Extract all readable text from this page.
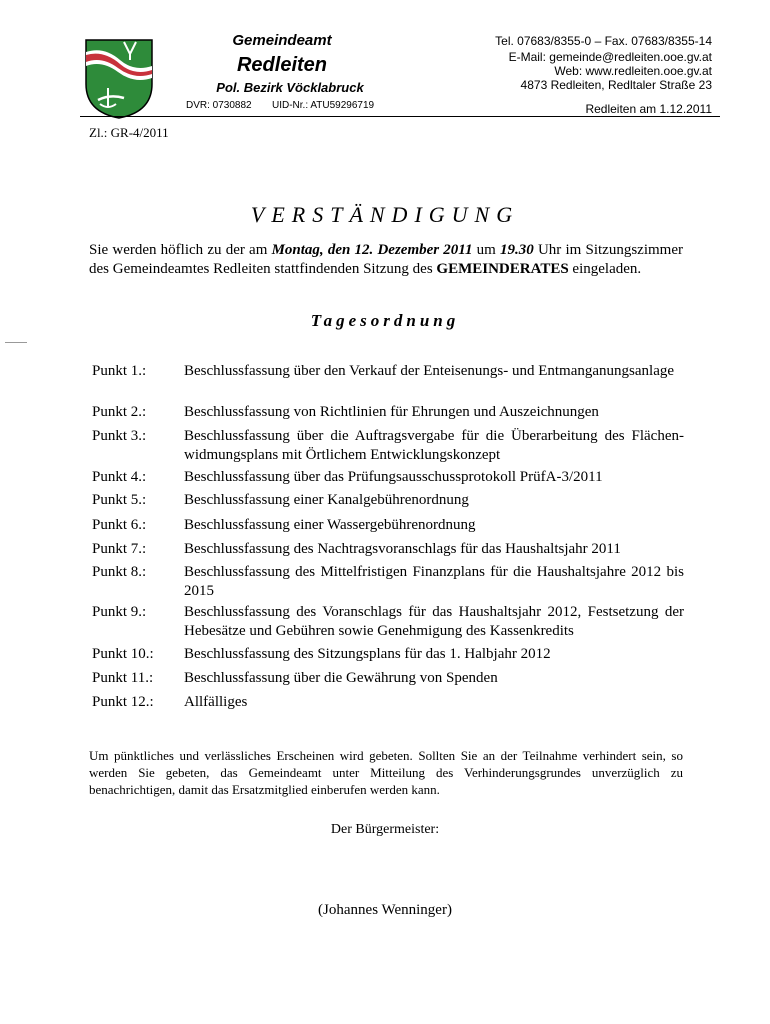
Gemeindeamt
Redleiten
Pol. Bezirk Vöcklabruck
DVR: 0730882 UID-Nr.: ATU59296719
Tel. 07683/8355-0 – Fax. 07683/8355-14
E-Mail: gemeinde@redleiten.ooe.gv.at
Web: www.redleiten.ooe.gv.at
4873 Redleiten, Redltaler Straße 23
Redleiten am 1.12.2011
Zl.: GR-4/2011
VERSTÄNDIGUNG
Sie werden höflich zu der am Montag, den 12. Dezember 2011 um 19.30 Uhr im Sitzungszimmer des Gemeindeamtes Redleiten stattfindenden Sitzung des GEMEINDERATES eingeladen.
Tagesordnung
Punkt 1.:	Beschlussfassung über den Verkauf der Enteisenungs- und Entmanganungsanlage
Punkt 2.:	Beschlussfassung von Richtlinien für Ehrungen und Auszeichnungen
Punkt 3.:	Beschlussfassung über die Auftragsvergabe für die Überarbeitung des Flächenwidmungsplans mit Örtlichem Entwicklungskonzept
Punkt 4.:	Beschlussfassung über das Prüfungsausschussprotokoll PrüfA-3/2011
Punkt 5.:	Beschlussfassung einer Kanalgebührenordnung
Punkt 6.:	Beschlussfassung einer Wassergebührenordnung
Punkt 7.:	Beschlussfassung des Nachtragsvoranschlags für das Haushaltsjahr 2011
Punkt 8.:	Beschlussfassung des Mittelfristigen Finanzplans für die Haushaltsjahre 2012 bis 2015
Punkt 9.:	Beschlussfassung des Voranschlags für das Haushaltsjahr 2012, Festsetzung der Hebesätze und Gebühren sowie Genehmigung des Kassenkredits
Punkt 10.: Beschlussfassung des Sitzungsplans für das 1. Halbjahr 2012
Punkt 11.: Beschlussfassung über die Gewährung von Spenden
Punkt 12.: Allfälliges
Um pünktliches und verlässliches Erscheinen wird gebeten. Sollten Sie an der Teilnahme verhindert sein, so werden Sie gebeten, das Gemeindeamt unter Mitteilung des Verhinderungsgrundes unverzüglich zu benachrichtigen, damit das Ersatzmitglied einberufen werden kann.
Der Bürgermeister:
(Johannes Wenninger)
